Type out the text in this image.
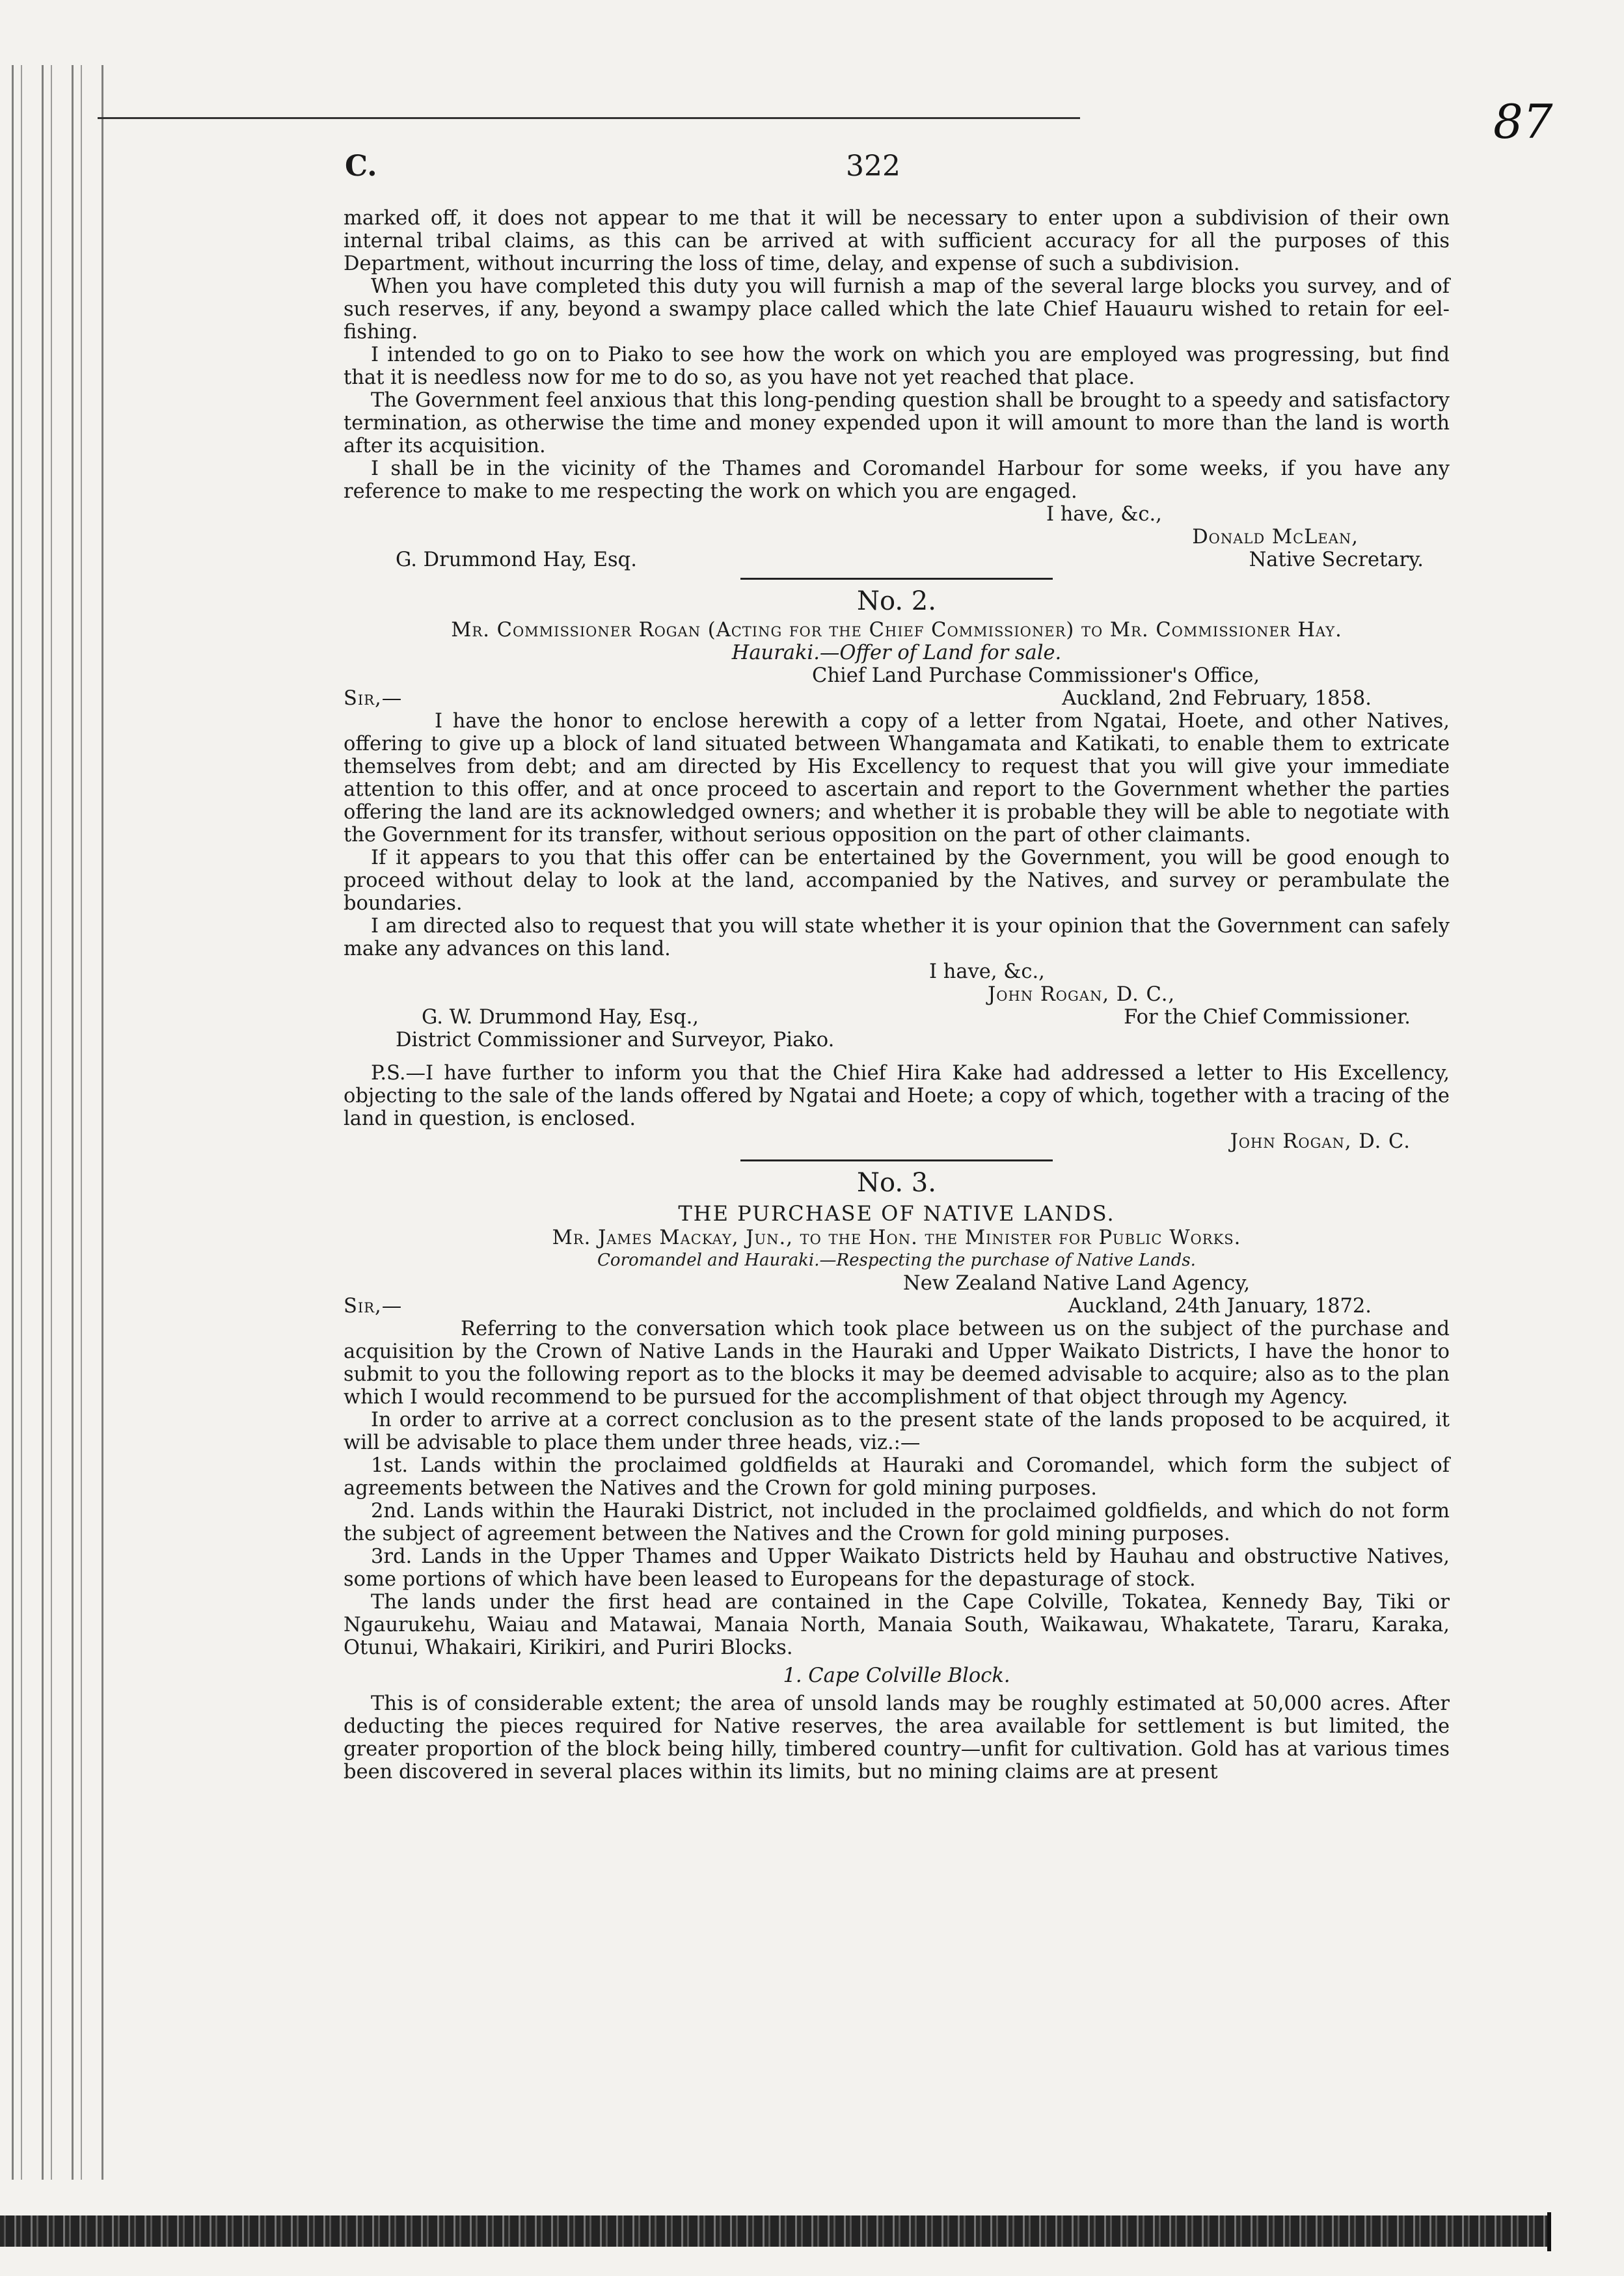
87
C.	322

marked off, it does not appear to me that it will be necessary to enter upon a subdivision of their own internal tribal claims, as this can be arrived at with sufficient accuracy for all the purposes of this Department, without incurring the loss of time, delay, and expense of such a subdivision.

When you have completed this duty you will furnish a map of the several large blocks you survey, and of such reserves, if any, beyond a swampy place called which the late Chief Hauauru wished to retain for eel-fishing.

I intended to go on to Piako to see how the work on which you are employed was progressing, but find that it is needless now for me to do so, as you have not yet reached that place.

The Government feel anxious that this long-pending question shall be brought to a speedy and satisfactory termination, as otherwise the time and money expended upon it will amount to more than the land is worth after its acquisition.

I shall be in the vicinity of the Thames and Coromandel Harbour for some weeks, if you have any reference to make to me respecting the work on which you are engaged.

I have, &c.,
Donald McLean,
G. Drummond Hay, Esq.	Native Secretary.
No. 2.
Mr. Commissioner Rogan (Acting for the Chief Commissioner) to Mr. Commissioner Hay.
Hauraki.—Offer of Land for sale.
Chief Land Purchase Commissioner's Office,
Sir,—	Auckland, 2nd February, 1858.

I have the honor to enclose herewith a copy of a letter from Ngatai, Hoete, and other Natives, offering to give up a block of land situated between Whangamata and Katikati, to enable them to extricate themselves from debt; and am directed by His Excellency to request that you will give your immediate attention to this offer, and at once proceed to ascertain and report to the Government whether the parties offering the land are its acknowledged owners; and whether it is probable they will be able to negotiate with the Government for its transfer, without serious opposition on the part of other claimants.

If it appears to you that this offer can be entertained by the Government, you will be good enough to proceed without delay to look at the land, accompanied by the Natives, and survey or perambulate the boundaries.

I am directed also to request that you will state whether it is your opinion that the Government can safely make any advances on this land.

I have, &c.,
John Rogan, D. C.,
G. W. Drummond Hay, Esq.,	For the Chief Commissioner.
District Commissioner and Surveyor, Piako.

P.S.—I have further to inform you that the Chief Hira Kake had addressed a letter to His Excellency, objecting to the sale of the lands offered by Ngatai and Hoete; a copy of which, together with a tracing of the land in question, is enclosed.

John Rogan, D. C.
No. 3.
THE PURCHASE OF NATIVE LANDS.
Mr. James Mackay, Jun., to the Hon. the Minister for Public Works.
Coromandel and Hauraki.—Respecting the purchase of Native Lands.
New Zealand Native Land Agency,
Sir,—	Auckland, 24th January, 1872.

Referring to the conversation which took place between us on the subject of the purchase and acquisition by the Crown of Native Lands in the Hauraki and Upper Waikato Districts, I have the honor to submit to you the following report as to the blocks it may be deemed advisable to acquire; also as to the plan which I would recommend to be pursued for the accomplishment of that object through my Agency.

In order to arrive at a correct conclusion as to the present state of the lands proposed to be acquired, it will be advisable to place them under three heads, viz.:—

1st. Lands within the proclaimed goldfields at Hauraki and Coromandel, which form the subject of agreements between the Natives and the Crown for gold mining purposes.

2nd. Lands within the Hauraki District, not included in the proclaimed goldfields, and which do not form the subject of agreement between the Natives and the Crown for gold mining purposes.

3rd. Lands in the Upper Thames and Upper Waikato Districts held by Hauhau and obstructive Natives, some portions of which have been leased to Europeans for the depasturage of stock.

The lands under the first head are contained in the Cape Colville, Tokatea, Kennedy Bay, Tiki or Ngaurukehu, Waiau and Matawai, Manaia North, Manaia South, Waikawau, Whakatete, Tararu, Karaka, Otunui, Whakairi, Kirikiri, and Puriri Blocks.

1. Cape Colville Block.

This is of considerable extent; the area of unsold lands may be roughly estimated at 50,000 acres. After deducting the pieces required for Native reserves, the area available for settlement is but limited, the greater proportion of the block being hilly, timbered country—unfit for cultivation. Gold has at various times been discovered in several places within its limits, but no mining claims are at present
